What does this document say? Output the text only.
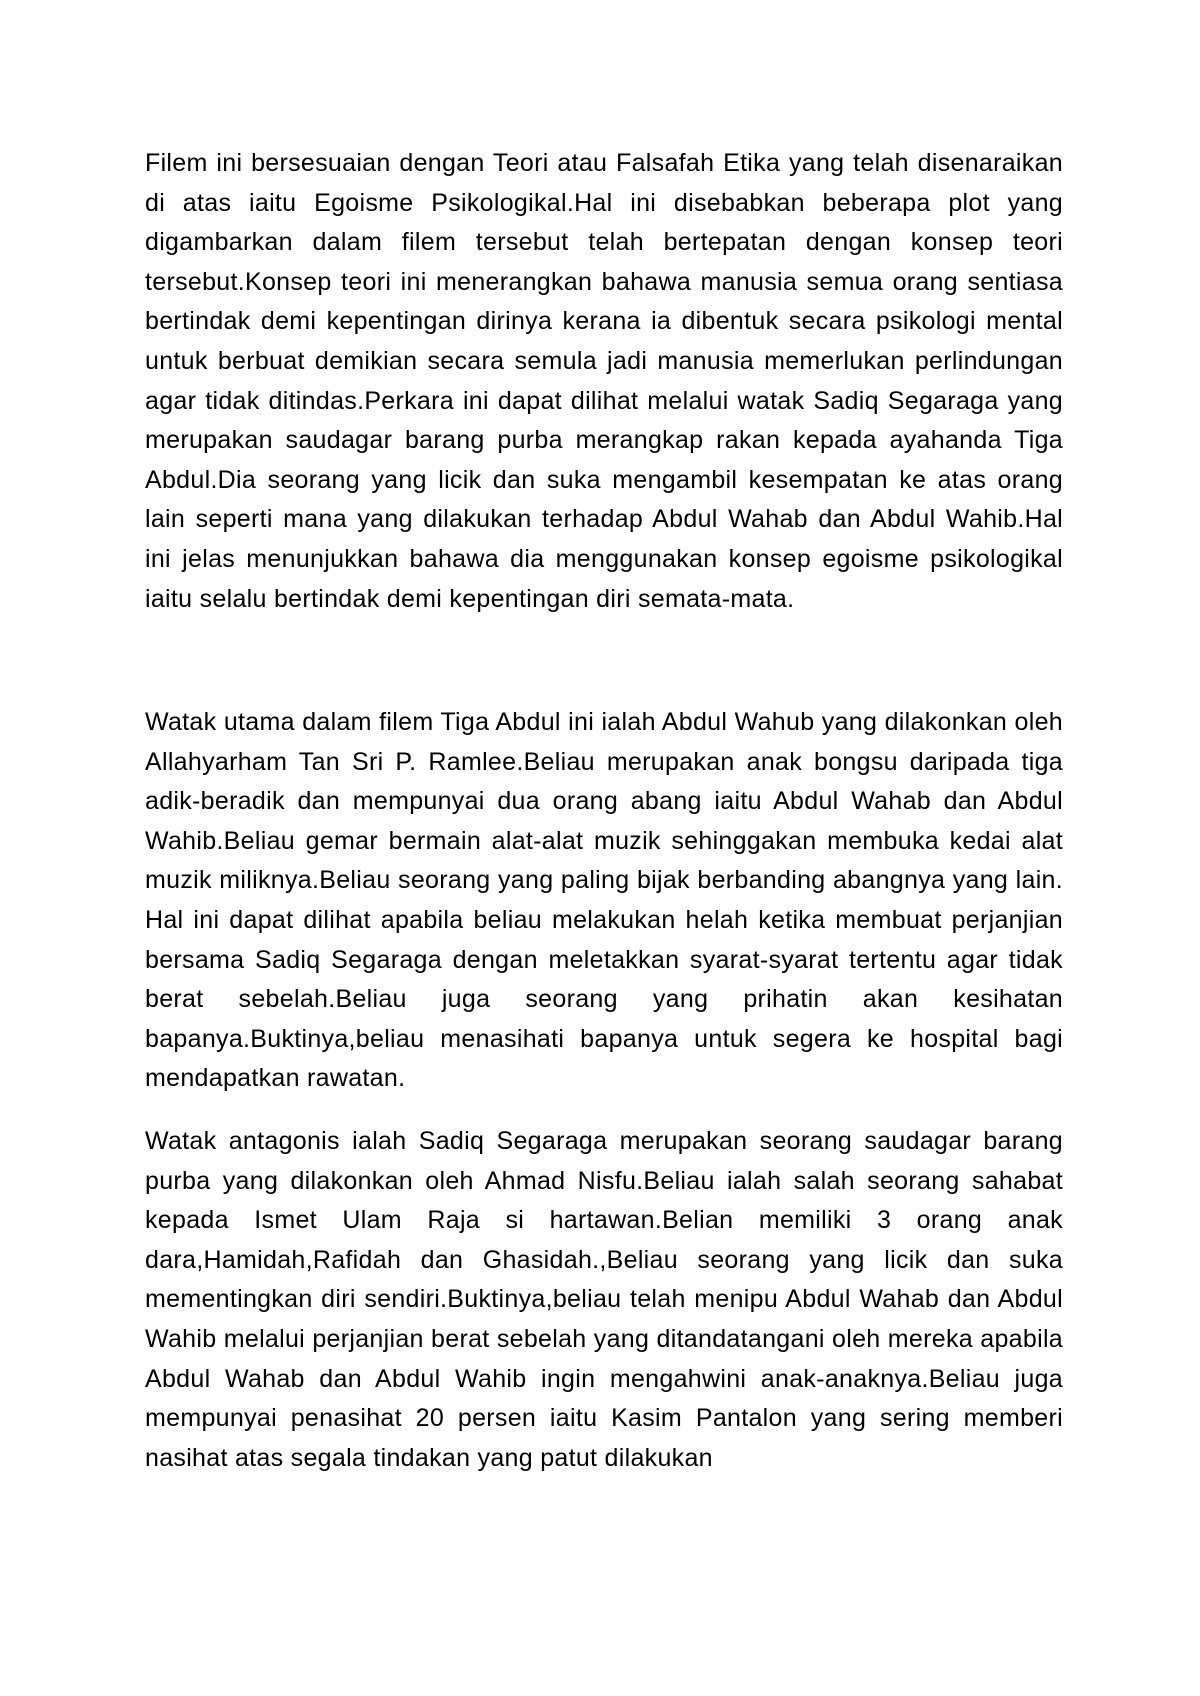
Filem ini bersesuaian dengan Teori atau Falsafah Etika yang telah disenaraikan di atas iaitu Egoisme Psikologikal.Hal ini disebabkan beberapa plot yang digambarkan dalam filem tersebut telah bertepatan dengan konsep teori tersebut.Konsep teori ini menerangkan bahawa manusia semua orang sentiasa bertindak demi kepentingan dirinya kerana ia dibentuk secara psikologi mental untuk berbuat demikian secara semula jadi manusia memerlukan perlindungan agar tidak ditindas.Perkara ini dapat dilihat melalui watak Sadiq Segaraga yang merupakan saudagar barang purba merangkap rakan kepada ayahanda Tiga Abdul.Dia seorang yang licik dan suka mengambil kesempatan ke atas orang lain seperti mana yang dilakukan terhadap Abdul Wahab dan Abdul Wahib.Hal ini jelas menunjukkan bahawa dia menggunakan konsep egoisme psikologikal iaitu selalu bertindak demi kepentingan diri semata-mata.

Watak utama dalam filem Tiga Abdul ini ialah Abdul Wahub yang dilakonkan oleh Allahyarham Tan Sri P. Ramlee.Beliau merupakan anak bongsu daripada tiga adik-beradik dan mempunyai dua orang abang iaitu Abdul Wahab dan Abdul Wahib.Beliau gemar bermain alat-alat muzik sehinggakan membuka kedai alat muzik miliknya.Beliau seorang yang paling bijak berbanding abangnya yang lain. Hal ini dapat dilihat apabila beliau melakukan helah ketika membuat perjanjian bersama Sadiq Segaraga dengan meletakkan syarat-syarat tertentu agar tidak berat sebelah.Beliau juga seorang yang prihatin akan kesihatan bapanya.Buktinya,beliau menasihati bapanya untuk segera ke hospital bagi mendapatkan rawatan.

Watak antagonis ialah Sadiq Segaraga merupakan seorang saudagar barang purba yang dilakonkan oleh Ahmad Nisfu.Beliau ialah salah seorang sahabat kepada Ismet Ulam Raja si hartawan.Belian memiliki 3 orang anak dara,Hamidah,Rafidah dan Ghasidah.,Beliau seorang yang licik dan suka mementingkan diri sendiri.Buktinya,beliau telah menipu Abdul Wahab dan Abdul Wahib melalui perjanjian berat sebelah yang ditandatangani oleh mereka apabila Abdul Wahab dan Abdul Wahib ingin mengahwini anak-anaknya.Beliau juga mempunyai penasihat 20 persen iaitu Kasim Pantalon yang sering memberi nasihat atas segala tindakan yang patut dilakukan
